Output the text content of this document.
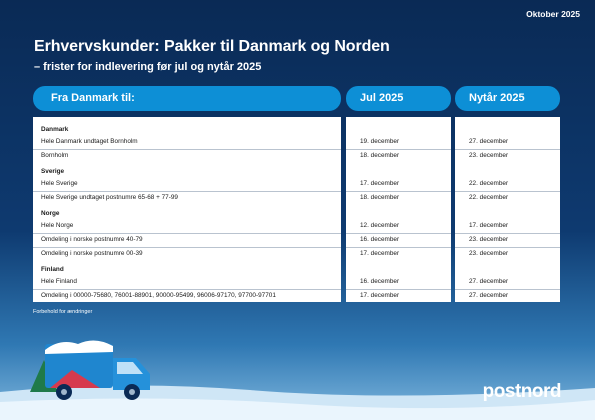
Oktober 2025
Erhvervskunder: Pakker til Danmark og Norden
– frister for indlevering før jul og nytår 2025
Fra Danmark til:	Jul 2025	Nytår 2025
Danmark
Hele Danmark undtaget Bornholm
Bornholm
Sverige
Hele Sverige
Hele Sverige undtaget postnumre 65-68 + 77-99
Norge
Hele Norge
Omdeling i norske postnumre 40-79
Omdeling i norske postnumre 00-39
Finland
Hele Finland
Omdeling i 00000-75680, 76001-88901, 90000-95499, 96006-97170, 97700-97701
19. december
18. december
17. december
18. december
12. december
16. december
17. december
16. december
17. december
27. december
23. december
22. december
22. december
17. december
23. december
23. december
27. december
27. december
Forbehold for ændringer
postnord
